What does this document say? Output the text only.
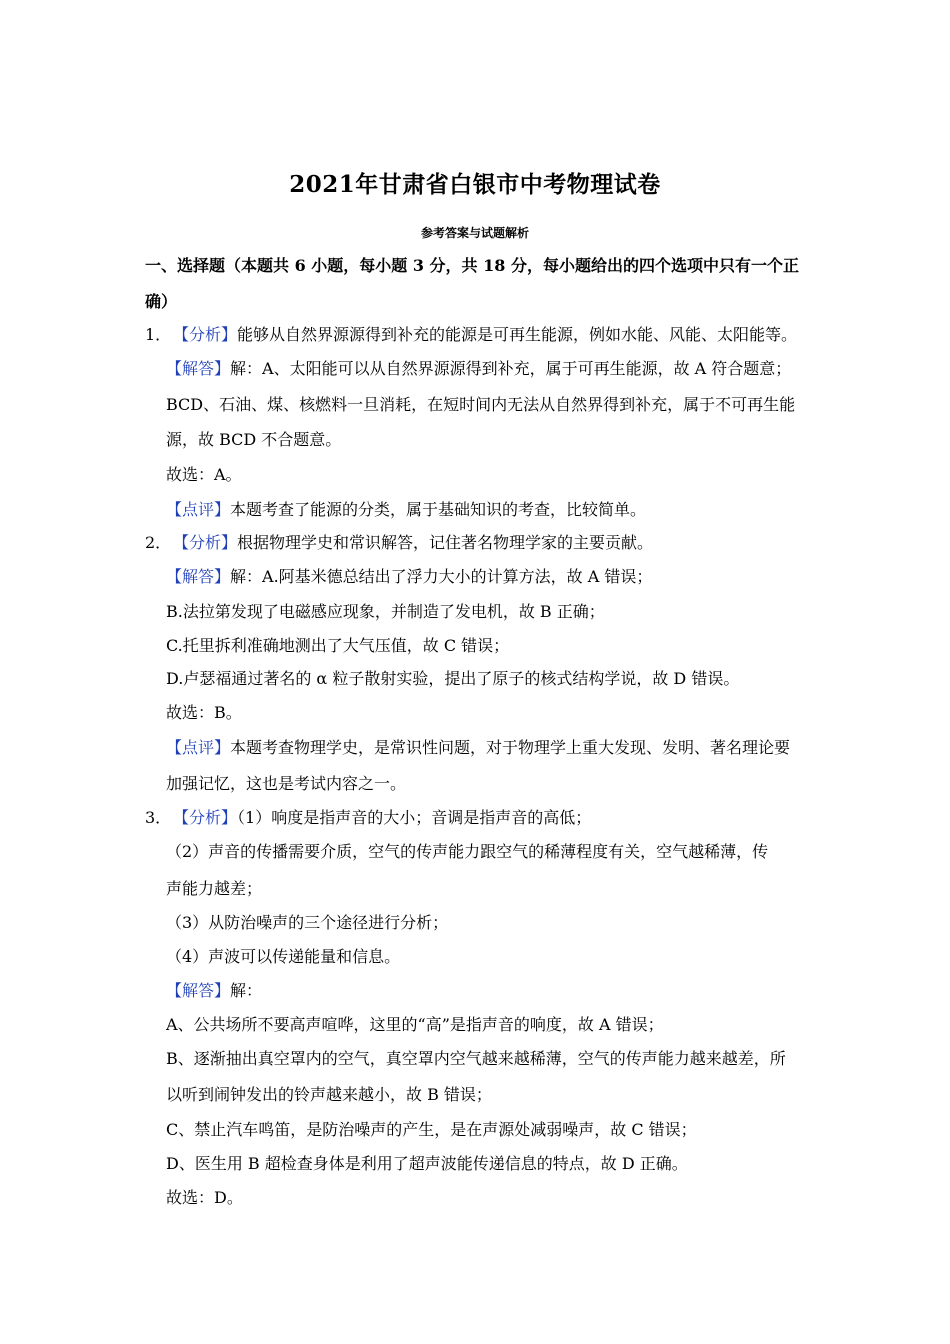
2021年甘肃省白银市中考物理试卷
参考答案与试题解析
一、选择题（本题共 6 小题，每小题 3 分，共 18 分，每小题给出的四个选项中只有一个正
确）
1． 【分析】能够从自然界源源得到补充的能源是可再生能源，例如水能、风能、太阳能等。
【解答】解：A、太阳能可以从自然界源源得到补充，属于可再生能源，故 A 符合题意；
BCD、石油、煤、核燃料一旦消耗，在短时间内无法从自然界得到补充，属于不可再生能
源，故 BCD 不合题意。
故选：A。
【点评】本题考查了能源的分类，属于基础知识的考查，比较简单。
2． 【分析】根据物理学史和常识解答，记住著名物理学家的主要贡献。
【解答】解：A.阿基米德总结出了浮力大小的计算方法，故 A 错误；
B.法拉第发现了电磁感应现象，并制造了发电机，故 B 正确；
C.托里拆利准确地测出了大气压值，故 C 错误；
D.卢瑟福通过著名的 α 粒子散射实验，提出了原子的核式结构学说，故 D 错误。
故选：B。
【点评】本题考查物理学史，是常识性问题，对于物理学上重大发现、发明、著名理论要
加强记忆，这也是考试内容之一。
3． 【分析】（1）响度是指声音的大小；音调是指声音的高低；
（2）声音的传播需要介质，空气的传声能力跟空气的稀薄程度有关，空气越稀薄，传
声能力越差；
（3）从防治噪声的三个途径进行分析；
（4）声波可以传递能量和信息。
【解答】解：
A、公共场所不要高声喧哗，这里的“高”是指声音的响度，故 A 错误；
B、逐渐抽出真空罩内的空气，真空罩内空气越来越稀薄，空气的传声能力越来越差，所
以听到闹钟发出的铃声越来越小，故 B 错误；
C、禁止汽车鸣笛，是防治噪声的产生，是在声源处减弱噪声，故 C 错误；
D、医生用 B 超检查身体是利用了超声波能传递信息的特点，故 D 正确。
故选：D。
